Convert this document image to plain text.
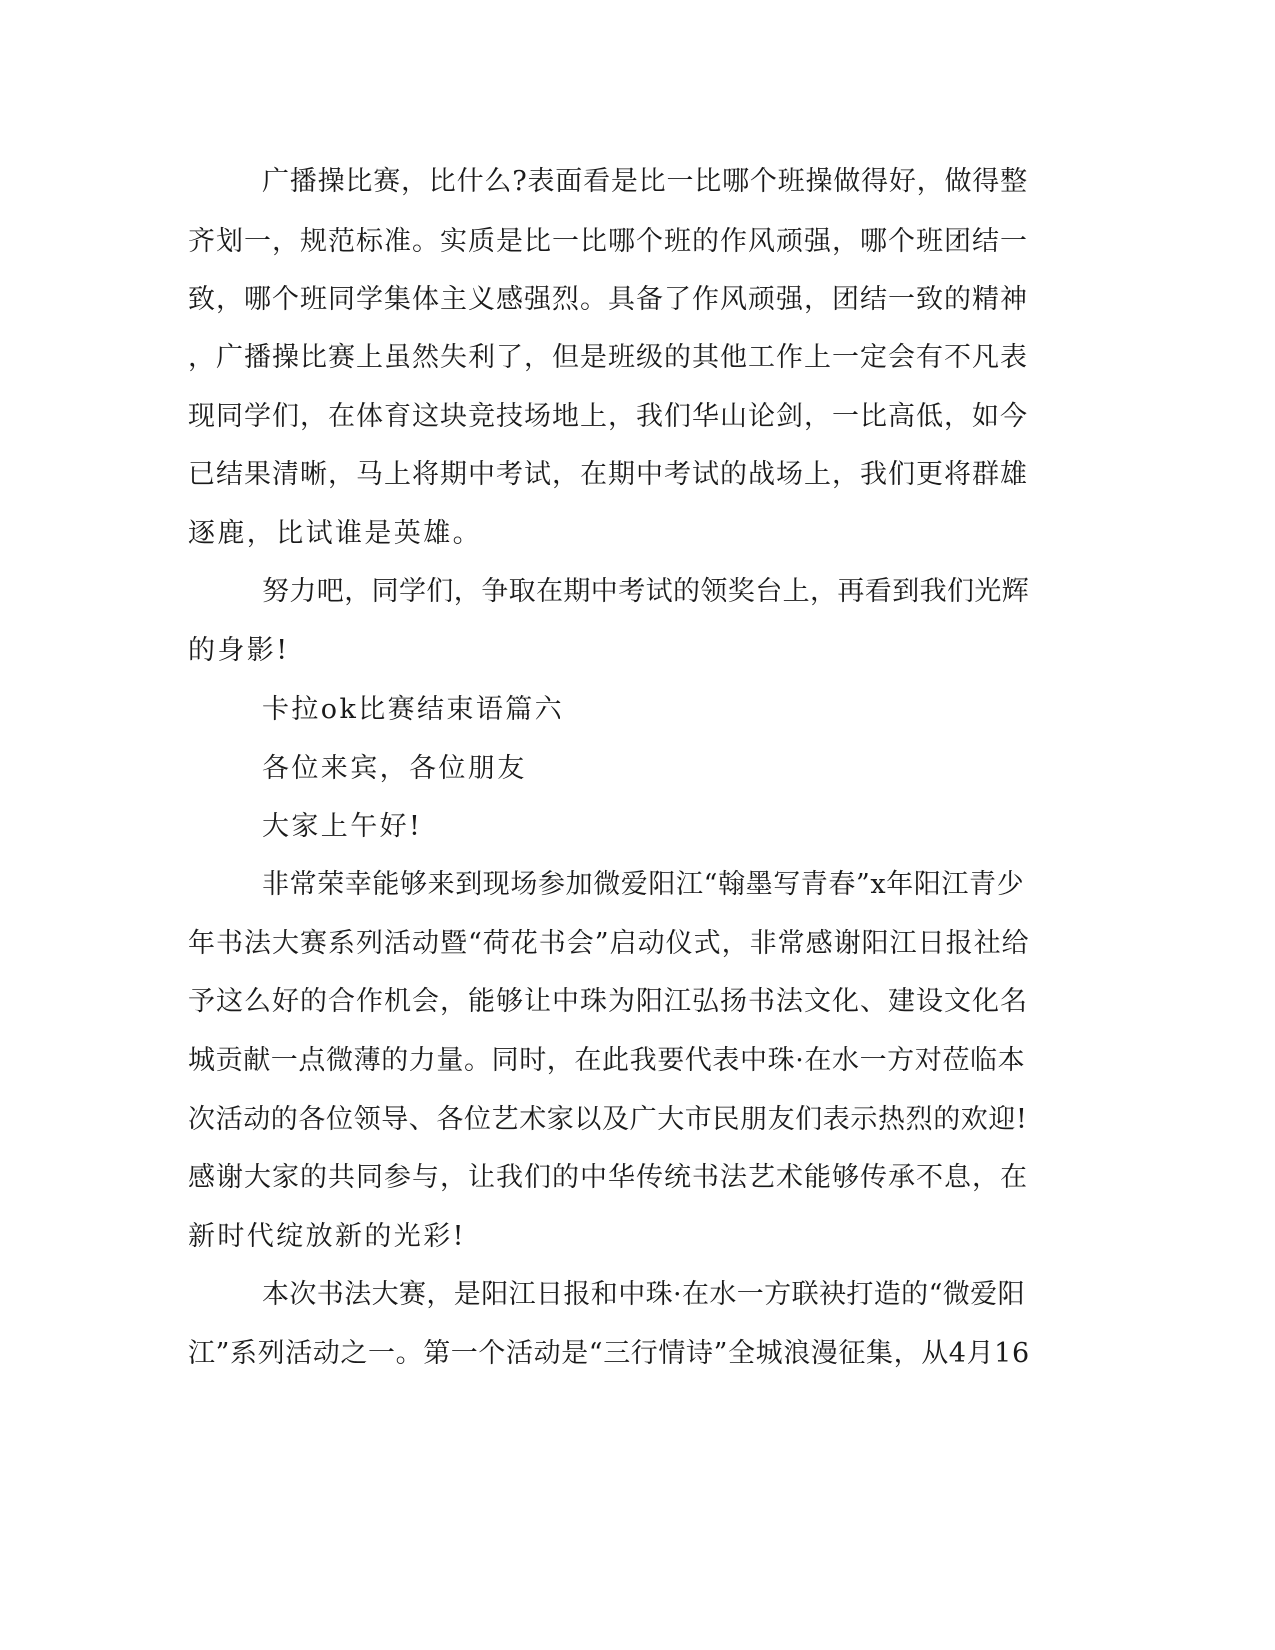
广播操比赛，比什么?表面看是比一比哪个班操做得好，做得整

齐划一，规范标准。实质是比一比哪个班的作风顽强，哪个班团结一

致，哪个班同学集体主义感强烈。具备了作风顽强，团结一致的精神

，广播操比赛上虽然失利了，但是班级的其他工作上一定会有不凡表

现同学们，在体育这块竞技场地上，我们华山论剑，一比高低，如今

已结果清晰，马上将期中考试，在期中考试的战场上，我们更将群雄

逐鹿，比试谁是英雄。

努力吧，同学们，争取在期中考试的领奖台上，再看到我们光辉

的身影!

卡拉ok比赛结束语篇六

各位来宾，各位朋友

大家上午好!

非常荣幸能够来到现场参加微爱阳江“翰墨写青春”x年阳江青少

年书法大赛系列活动暨“荷花书会”启动仪式，非常感谢阳江日报社给

予这么好的合作机会，能够让中珠为阳江弘扬书法文化、建设文化名

城贡献一点微薄的力量。同时，在此我要代表中珠·在水一方对莅临本

次活动的各位领导、各位艺术家以及广大市民朋友们表示热烈的欢迎!

感谢大家的共同参与，让我们的中华传统书法艺术能够传承不息，在

新时代绽放新的光彩!

本次书法大赛，是阳江日报和中珠·在水一方联袂打造的“微爱阳

江”系列活动之一。第一个活动是“三行情诗”全城浪漫征集，从4月16
